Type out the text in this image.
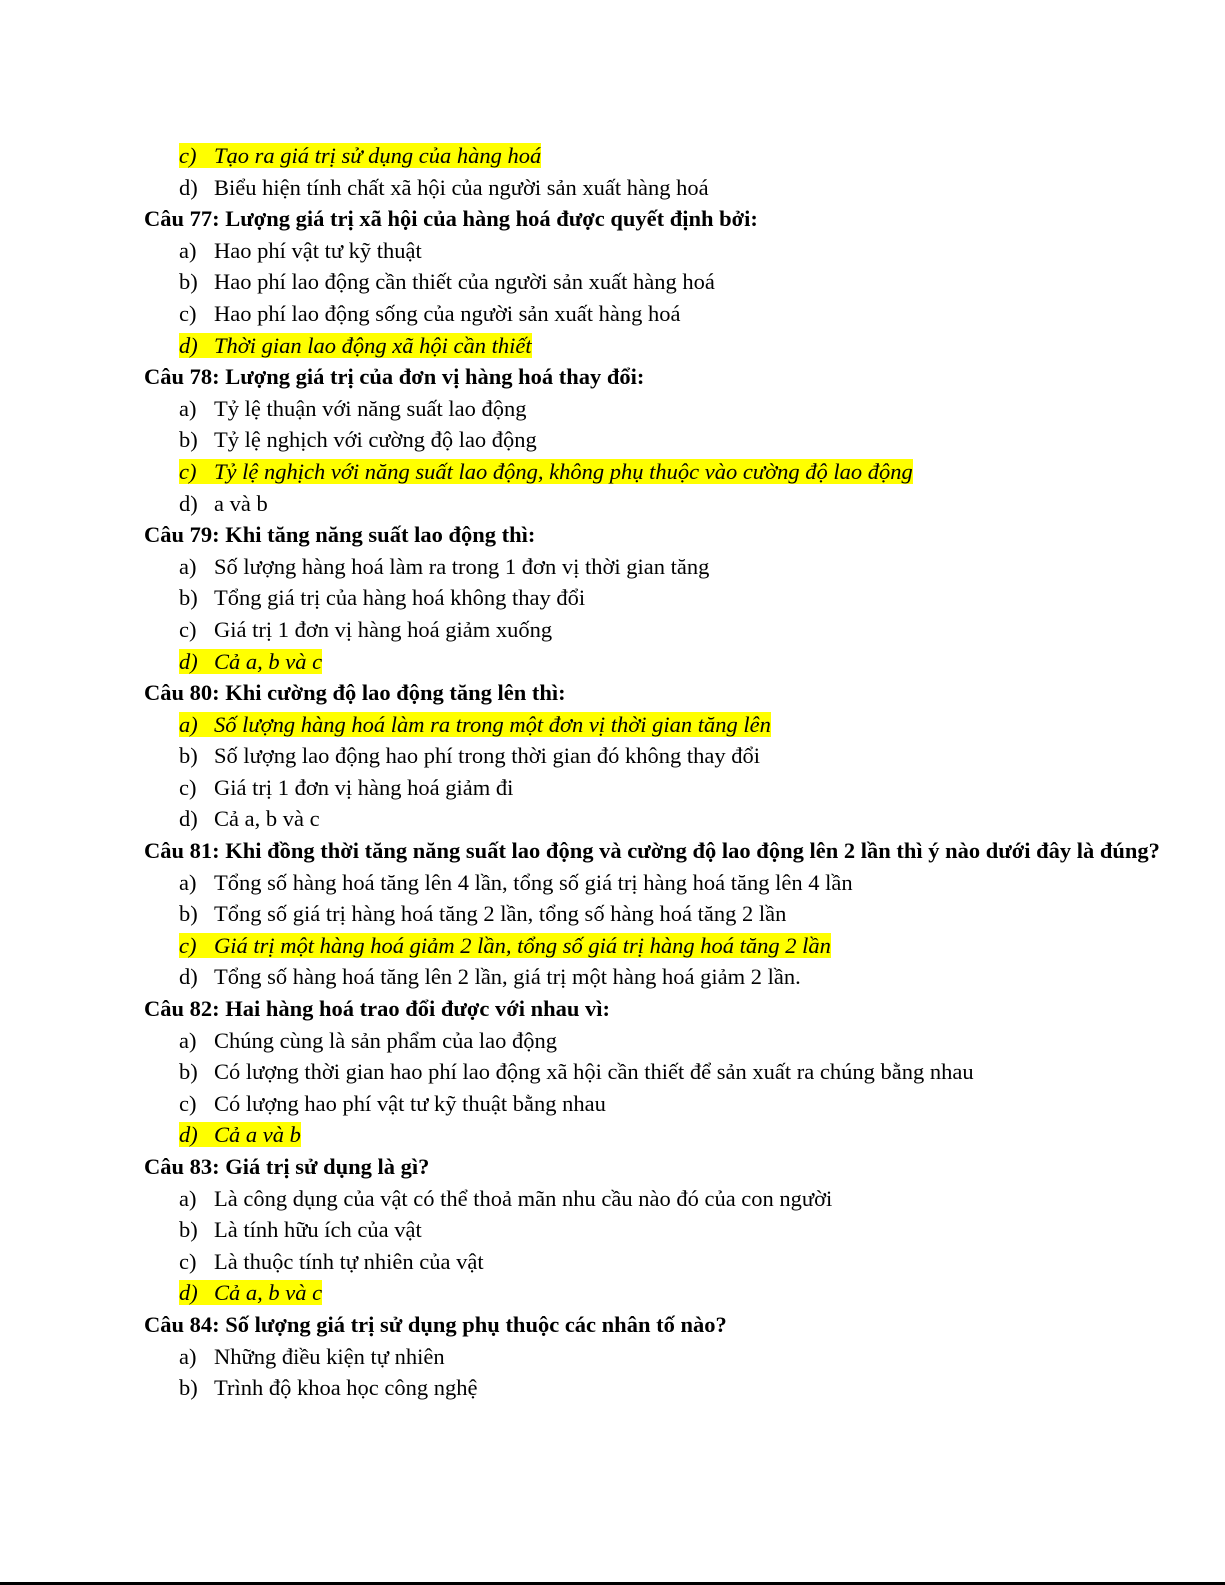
c) Tạo ra giá trị sử dụng của hàng hoá
d) Biểu hiện tính chất xã hội của người sản xuất hàng hoá
Câu 77: Lượng giá trị xã hội của hàng hoá được quyết định bởi:
a) Hao phí vật tư kỹ thuật
b) Hao phí lao động cần thiết của người sản xuất hàng hoá
c) Hao phí lao động sống của người sản xuất hàng hoá
d) Thời gian lao động xã hội cần thiết
Câu 78: Lượng giá trị của đơn vị hàng hoá thay đổi:
a) Tỷ lệ thuận với năng suất lao động
b) Tỷ lệ nghịch với cường độ lao động
c) Tỷ lệ nghịch với năng suất lao động, không phụ thuộc vào cường độ lao động
d) a và b
Câu 79: Khi tăng năng suất lao động thì:
a) Số lượng hàng hoá làm ra trong 1 đơn vị thời gian tăng
b) Tổng giá trị của hàng hoá không thay đổi
c) Giá trị 1 đơn vị hàng hoá giảm xuống
d) Cả a, b và c
Câu 80: Khi cường độ lao động tăng lên thì:
a) Số lượng hàng hoá làm ra trong một đơn vị thời gian tăng lên
b) Số lượng lao động hao phí trong thời gian đó không thay đổi
c) Giá trị 1 đơn vị hàng hoá giảm đi
d) Cả a, b và c
Câu 81: Khi đồng thời tăng năng suất lao động và cường độ lao động lên 2 lần thì ý nào dưới đây là đúng?
a) Tổng số hàng hoá tăng lên 4 lần, tổng số giá trị hàng hoá tăng lên 4 lần
b) Tổng số giá trị hàng hoá tăng 2 lần, tổng số hàng hoá tăng 2 lần
c) Giá trị một hàng hoá giảm 2 lần, tổng số giá trị hàng hoá tăng 2 lần
d) Tổng số hàng hoá tăng lên 2 lần, giá trị một hàng hoá giảm 2 lần.
Câu 82: Hai hàng hoá trao đổi được với nhau vì:
a) Chúng cùng là sản phẩm của lao động
b) Có lượng thời gian hao phí lao động xã hội cần thiết để sản xuất ra chúng bằng nhau
c) Có lượng hao phí vật tư kỹ thuật bằng nhau
d) Cả a và b
Câu 83: Giá trị sử dụng là gì?
a) Là công dụng của vật có thể thoả mãn nhu cầu nào đó của con người
b) Là tính hữu ích của vật
c) Là thuộc tính tự nhiên của vật
d) Cả a, b và c
Câu 84: Số lượng giá trị sử dụng phụ thuộc các nhân tố nào?
a) Những điều kiện tự nhiên
b) Trình độ khoa học công nghệ
